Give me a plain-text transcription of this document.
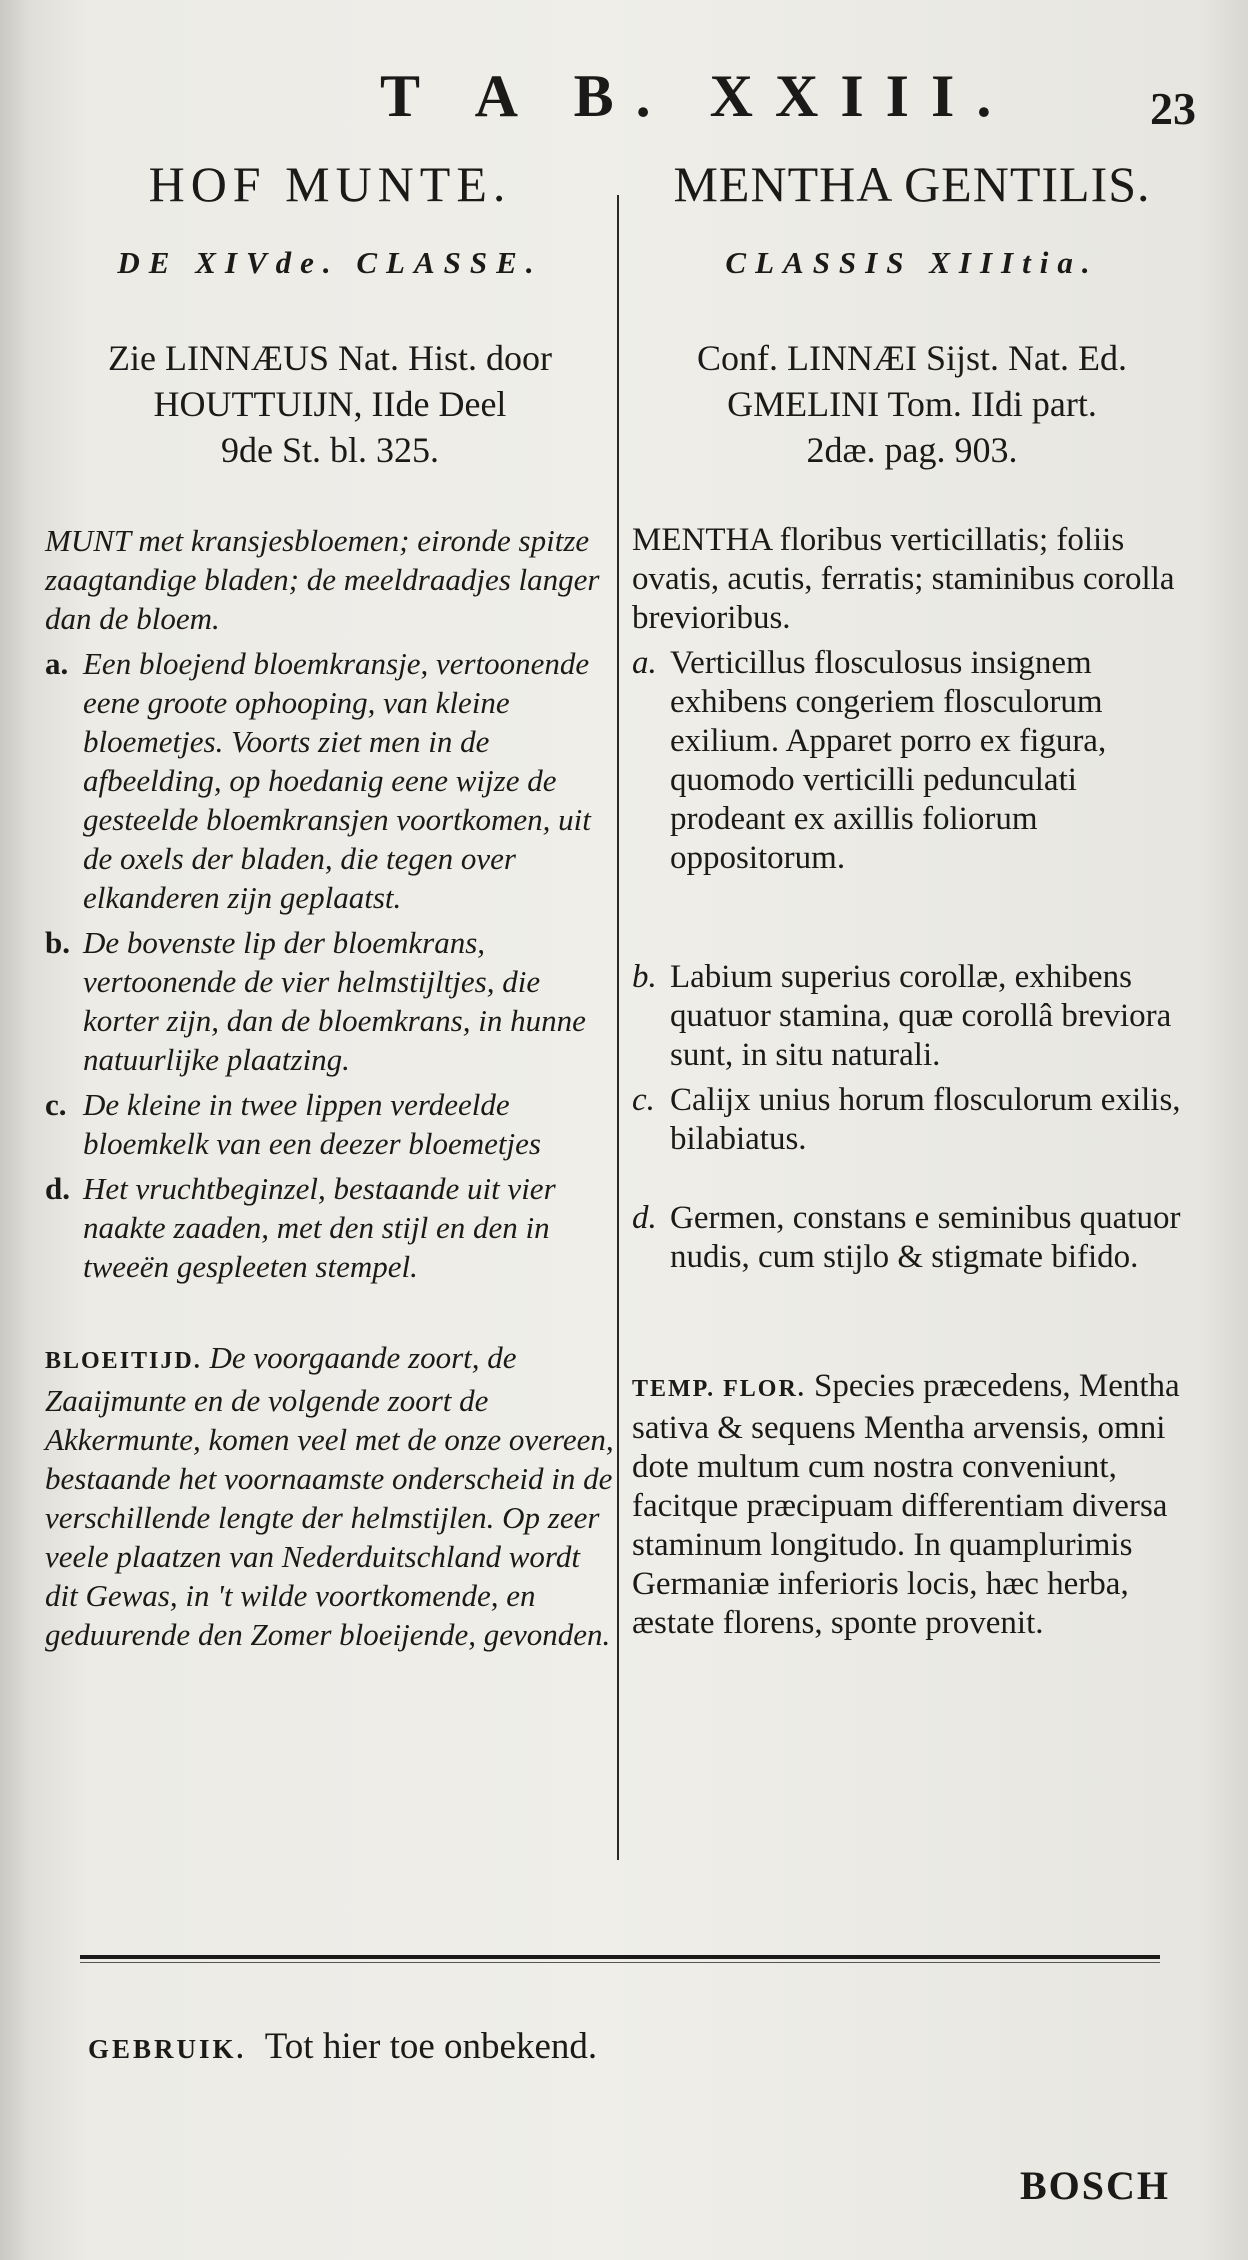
T A B. XXIII.	23
HOF MUNTE.
DE XIVde. CLASSE.
Zie LINNÆUS Nat. Hist. door
HOUTTUIJN, IIde Deel
9de St. bl. 325.
MUNT met kransjesbloemen; eironde spitze zaagtandige bladen; de meeldraadjes langer dan de bloem.
a. Een bloejend bloemkransje, vertoonende eene groote ophooping, van kleine bloemetjes. Voorts ziet men in de afbeelding, op hoedanig eene wijze de gesteelde bloemkransjen voortkomen, uit de oxels der bladen, die tegen over elkanderen zijn geplaatst.
b. De bovenste lip der bloemkrans, vertoonende de vier helmstijltjes, die korter zijn, dan de bloemkrans, in hunne natuurlijke plaatzing.
c. De kleine in twee lippen verdeelde bloemkelk van een deezer bloemetjes
d. Het vruchtbeginzel, bestaande uit vier naakte zaaden, met den stijl en den in tweeën gespleeten stempel.
BLOEITIJD. De voorgaande zoort, de Zaaijmunte en de volgende zoort de Akkermunte, komen veel met de onze overeen, bestaande het voornaamste onderscheid in de verschillende lengte der helmstijlen. Op zeer veele plaatzen van Nederduitschland wordt dit Gewas, in 't wilde voortkomende, en geduurende den Zomer bloeijende, gevonden.
MENTHA GENTILIS.
CLASSIS XIIItia.
Conf. LINNÆI Sijst. Nat. Ed.
GMELINI Tom. IIdi part.
2dæ. pag. 903.
MENTHA floribus verticillatis; foliis ovatis, acutis, ferratis; staminibus corolla brevioribus.
a. Verticillus flosculosus insignem exhibens congeriem flosculorum exilium. Apparet porro ex figura, quomodo verticilli pedunculati prodeant ex axillis foliorum oppositorum.
b. Labium superius corollæ, exhibens quatuor stamina, quæ corollâ breviora sunt, in situ naturali.
c. Calijx unius horum flosculorum exilis, bilabiatus.
d. Germen, constans e seminibus quatuor nudis, cum stijlo & stigmate bifido.
TEMP. FLOR. Species præcedens, Mentha sativa & sequens Mentha arvensis, omni dote multum cum nostra conveniunt, facitque præcipuam differentiam diversa staminum longitudo. In quamplurimis Germaniæ inferioris locis, hæc herba, æstate florens, sponte provenit.
GEBRUIK. Tot hier toe onbekend.
BOSCH
